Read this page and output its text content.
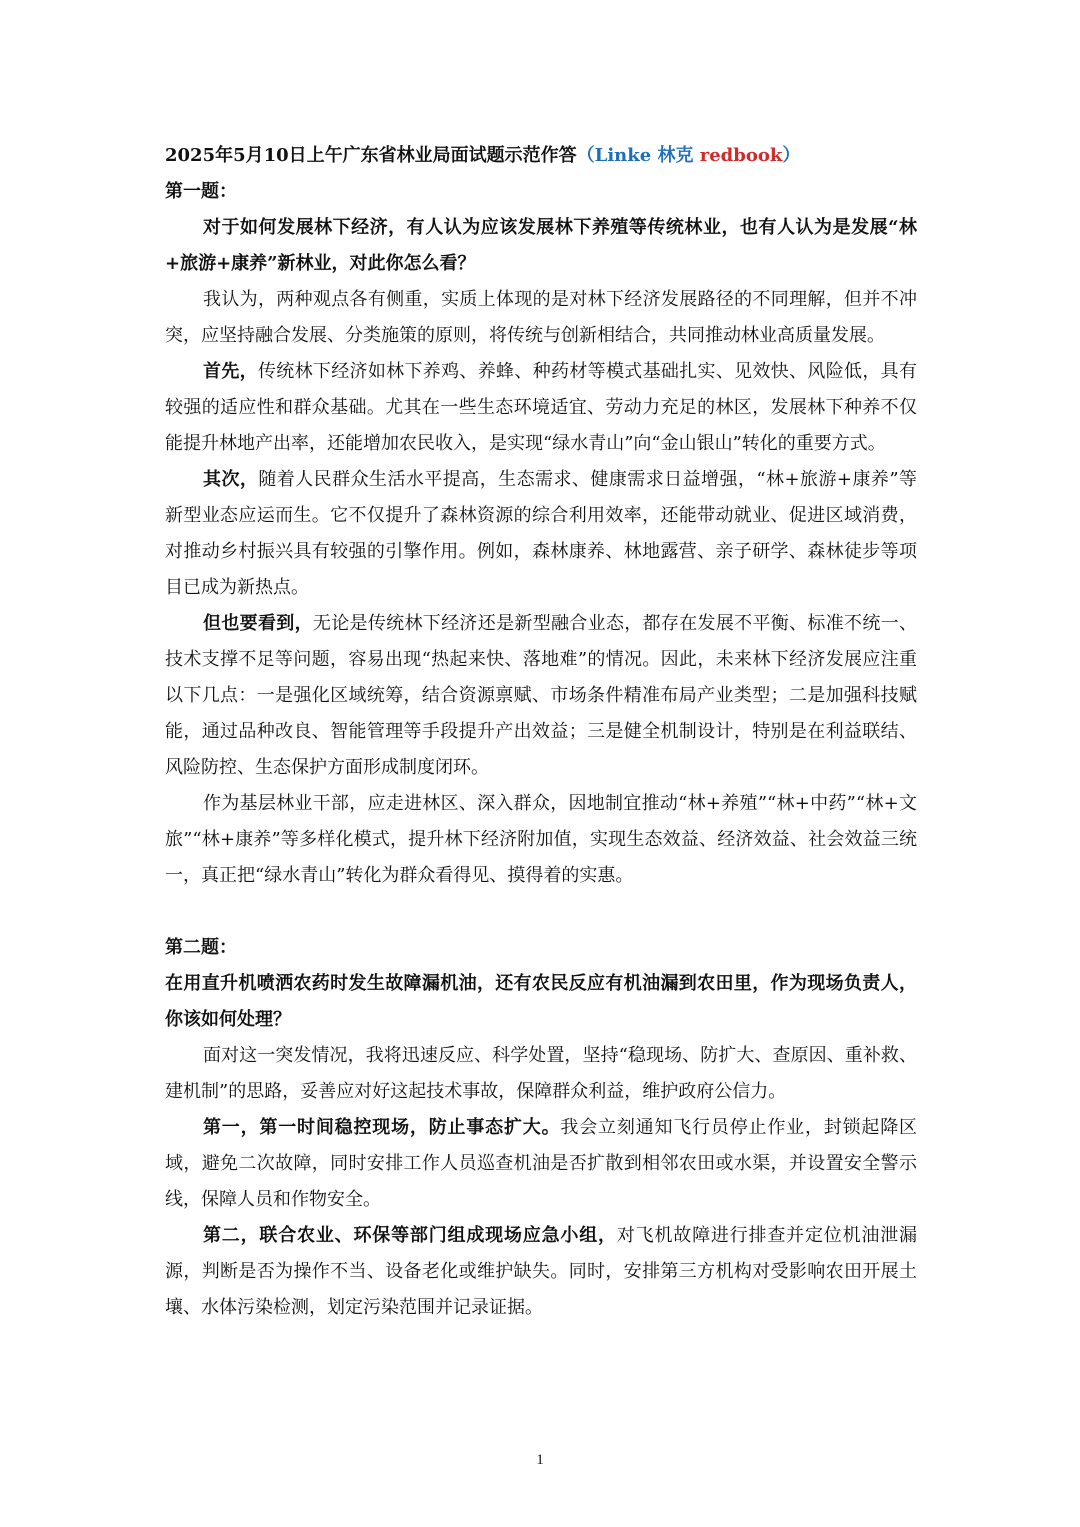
2025年5月10日上午广东省林业局面试题示范作答（Linke 林克 redbook）
第一题：

对于如何发展林下经济，有人认为应该发展林下养殖等传统林业，也有人认为是发展“林+旅游+康养”新林业，对此你怎么看？

我认为，两种观点各有侧重，实质上体现的是对林下经济发展路径的不同理解，但并不冲突，应坚持融合发展、分类施策的原则，将传统与创新相结合，共同推动林业高质量发展。

首先，传统林下经济如林下养鸡、养蜂、种药材等模式基础扎实、见效快、风险低，具有较强的适应性和群众基础。尤其在一些生态环境适宜、劳动力充足的林区，发展林下种养不仅能提升林地产出率，还能增加农民收入，是实现“绿水青山”向“金山银山”转化的重要方式。

其次，随着人民群众生活水平提高，生态需求、健康需求日益增强，“林+旅游+康养”等新型业态应运而生。它不仅提升了森林资源的综合利用效率，还能带动就业、促进区域消费，对推动乡村振兴具有较强的引擎作用。例如，森林康养、林地露营、亲子研学、森林徒步等项目已成为新热点。

但也要看到，无论是传统林下经济还是新型融合业态，都存在发展不平衡、标准不统一、技术支撑不足等问题，容易出现“热起来快、落地难”的情况。因此，未来林下经济发展应注重以下几点：一是强化区域统筹，结合资源禀赋、市场条件精准布局产业类型；二是加强科技赋能，通过品种改良、智能管理等手段提升产出效益；三是健全机制设计，特别是在利益联结、风险防控、生态保护方面形成制度闭环。

作为基层林业干部，应走进林区、深入群众，因地制宜推动“林+养殖”“林+中药”“林+文旅”“林+康养”等多样化模式，提升林下经济附加值，实现生态效益、经济效益、社会效益三统一，真正把“绿水青山”转化为群众看得见、摸得着的实惠。

第二题：

在用直升机喷洒农药时发生故障漏机油，还有农民反应有机油漏到农田里，作为现场负责人，你该如何处理？

面对这一突发情况，我将迅速反应、科学处置，坚持“稳现场、防扩大、查原因、重补救、建机制”的思路，妥善应对好这起技术事故，保障群众利益，维护政府公信力。

第一，第一时间稳控现场，防止事态扩大。我会立刻通知飞行员停止作业，封锁起降区域，避免二次故障，同时安排工作人员巡查机油是否扩散到相邻农田或水渠，并设置安全警示线，保障人员和作物安全。

第二，联合农业、环保等部门组成现场应急小组，对飞机故障进行排查并定位机油泄漏源，判断是否为操作不当、设备老化或维护缺失。同时，安排第三方机构对受影响农田开展土壤、水体污染检测，划定污染范围并记录证据。

1
